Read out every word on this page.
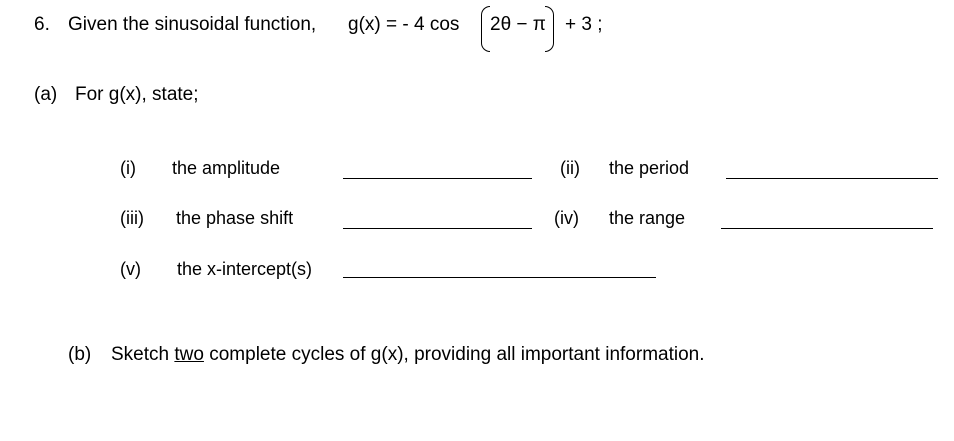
6. Given the sinusoidal function, g(x) = - 4 cos 2θ − π + 3 ;
(a) For g(x), state;
(i) the amplitude	(ii) the period
(iii) the phase shift	(iv) the range
(v) the x-intercept(s)
(b) Sketch two complete cycles of g(x), providing all important information.
